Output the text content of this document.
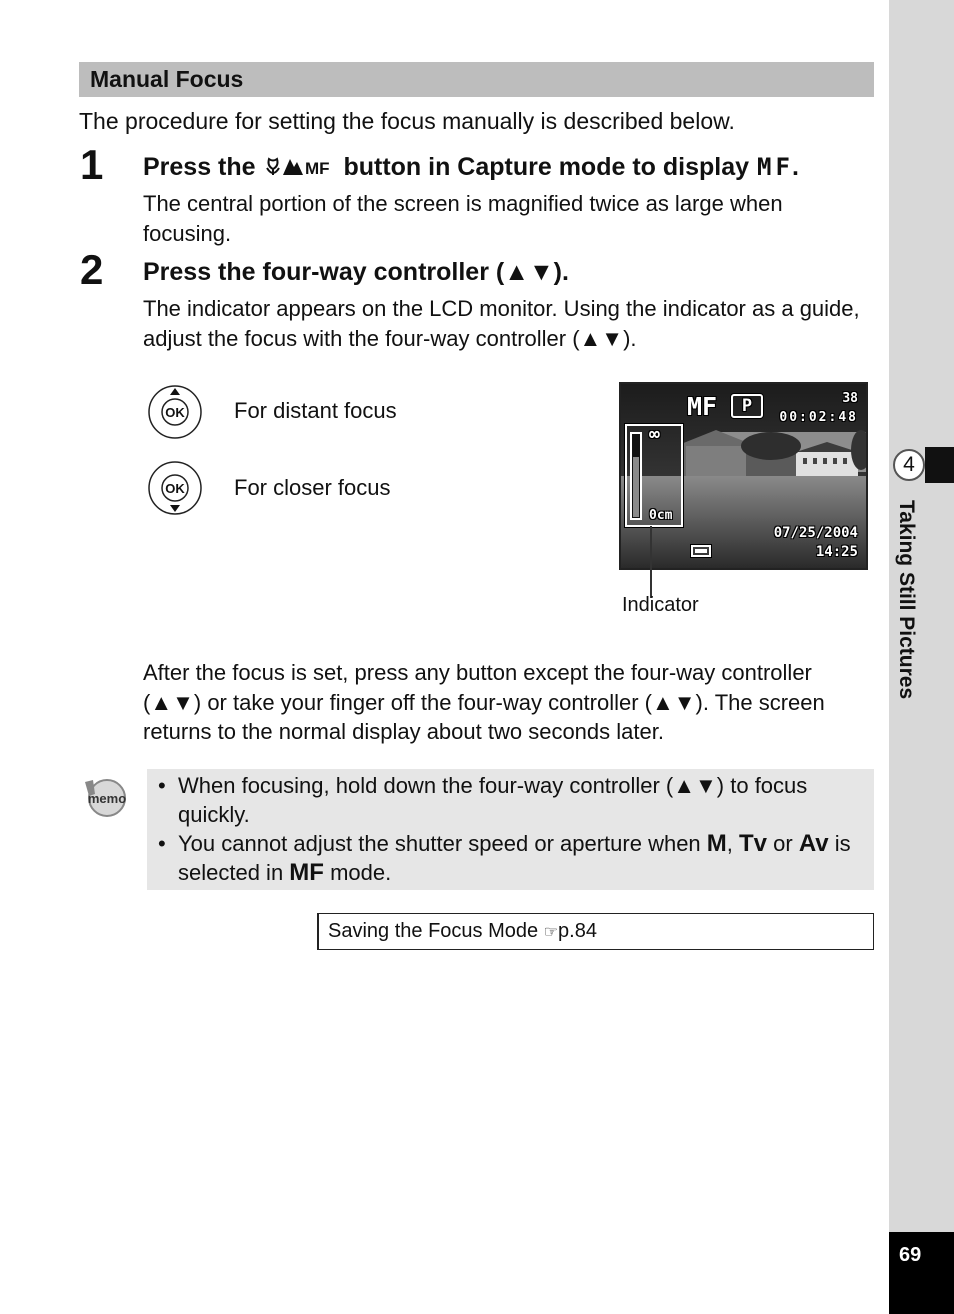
Manual Focus
The procedure for setting the focus manually is described below.
1 Press the MF button in Capture mode to display MF .
The central portion of the screen is magnified twice as large when focusing.
2 Press the four-way controller (▲▼).
The indicator appears on the LCD monitor. Using the indicator as a guide, adjust the focus with the four-way controller (▲▼).
OK For distant focus
OK For closer focus
MF	P	38
00:02:48
∞
0cm
07/25/2004
14:25
Indicator
After the focus is set, press any button except the four-way controller (▲▼) or take your finger off the four-way controller (▲▼). The screen returns to the normal display about two seconds later.
memo
• When focusing, hold down the four-way controller (▲▼) to focus quickly.
• You cannot adjust the shutter speed or aperture when M, Tv or Av is selected in MF mode.
Saving the Focus Mode ☞p.84
4
Taking Still Pictures
69
